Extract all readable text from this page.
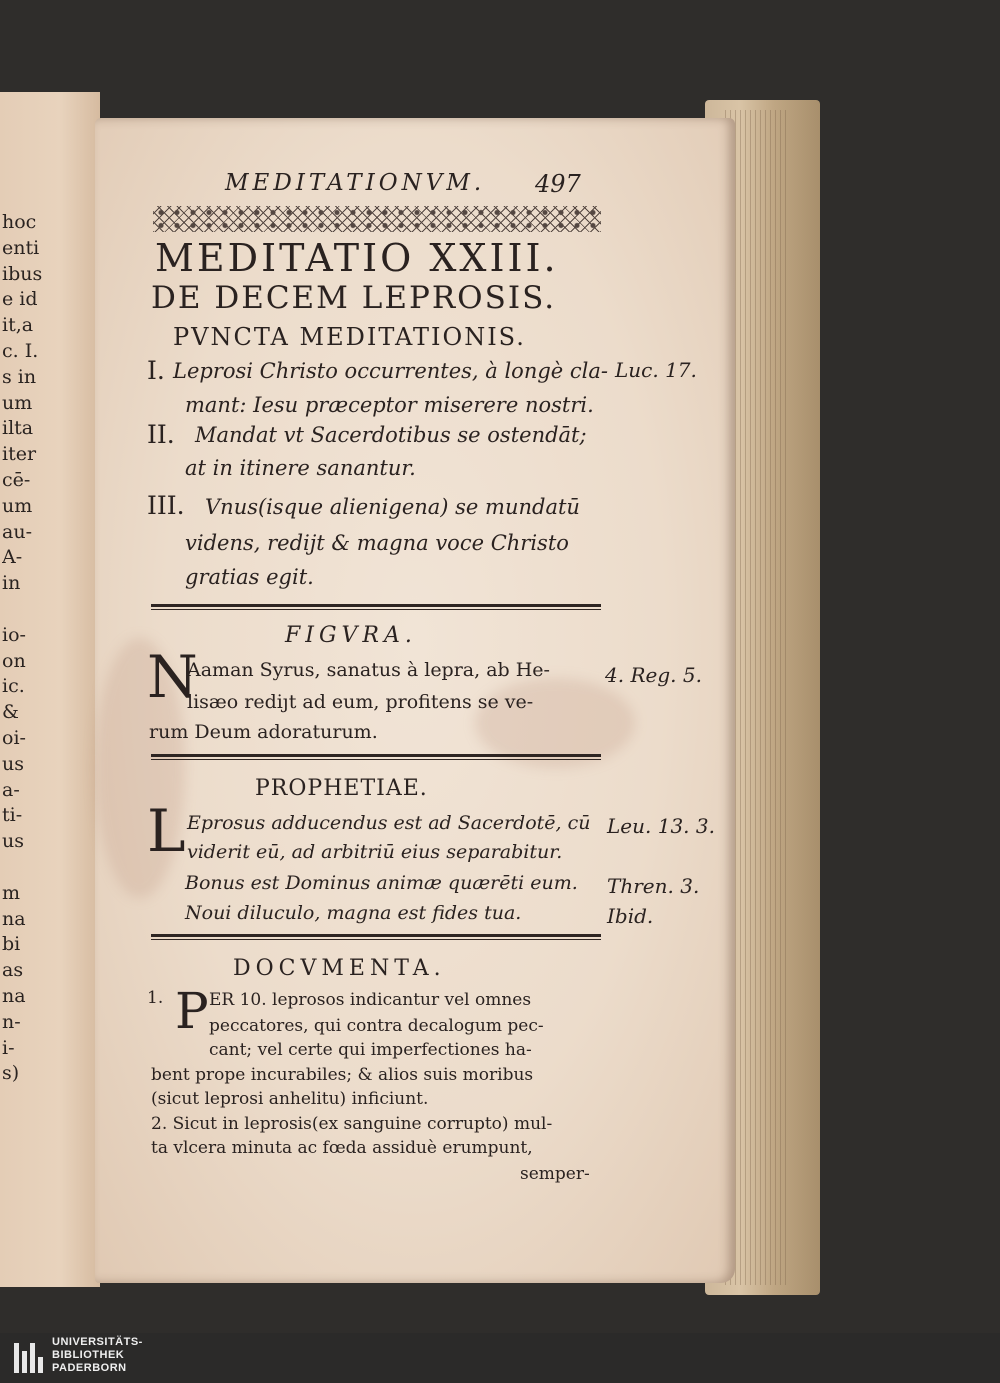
hoc
enti
ibus
e id
it,a
c. I.
s in
um
ilta
iter
cē-
um
au-
A-
in

io-
on
ic.
&
oi-
us
a-
ti-
us

m
na
bi
as
na
n-
i-
s)

MEDITATIONVM. 497
MEDITATIO XXIII.
DE DECEM LEPROSIS.
PVNCTA MEDITATIONIS.
I. Leprosi Christo occurrentes, à longè cla-
mant: Iesu præceptor miserere nostri.
Luc. 17.
II. Mandat vt Sacerdotibus se ostendāt;
at in itinere sanantur.
III. Vnus(isque alienigena) se mundatū
videns, redijt & magna voce Christo
gratias egit.
FIGVRA.
N
Aaman Syrus, sanatus à lepra, ab He-
lisæo rediȷt ad eum, profitens se ve-
rum Deum adoraturum.
4. Reg. 5.
PROPHETIAE.
L Eprosus adducendus est ad Sacerdotē, cū
viderit eū, ad arbitriū eius separabitur.
Bonus est Dominus animæ quærēti eum.
Noui diluculo, magna est fides tua.
Leu. 13. 3.
Thren. 3.
Ibid.
DOCVMENTA.
1. P ER 10. leprosos indicantur vel omnes
peccatores, qui contra decalogum pec-
cant; vel certe qui imperfectiones ha-
bent prope incurabiles; & alios suis moribus
(sicut leprosi anhelitu) inficiunt.
2. Sicut in leprosis(ex sanguine corrupto) mul-
ta vlcera minuta ac fœda assiduè erumpunt,
semper-
UNIVERSITÄTS-
BIBLIOTHEK
PADERBORN
